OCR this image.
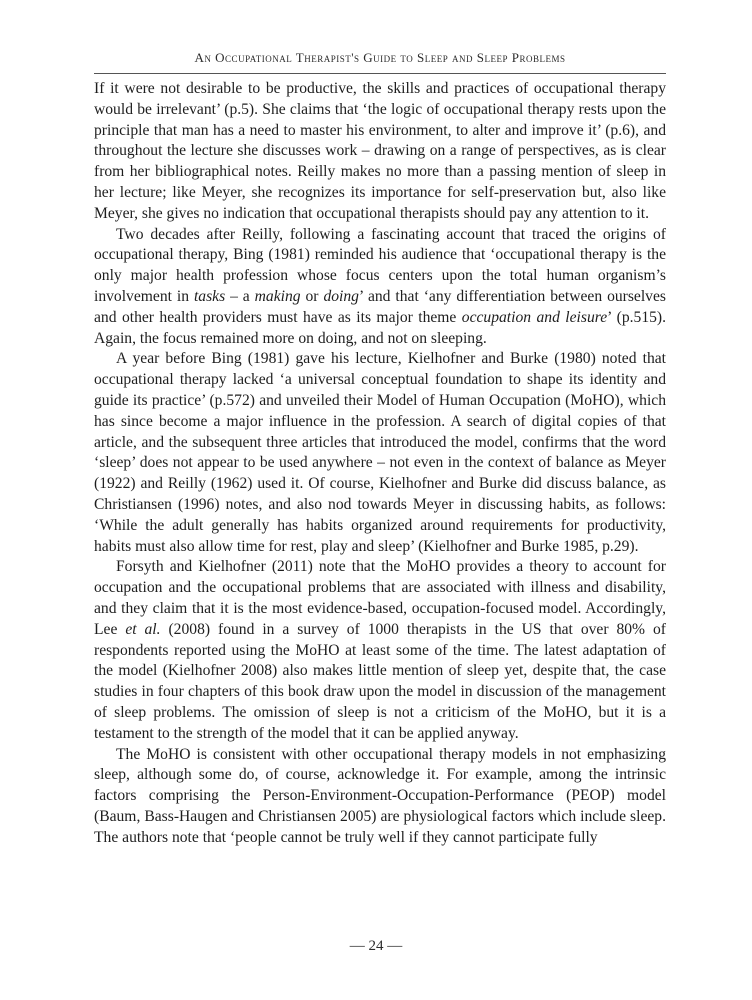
An Occupational Therapist's Guide to Sleep and Sleep Problems

If it were not desirable to be productive, the skills and practices of occupational therapy would be irrelevant’ (p.5). She claims that ‘the logic of occupational therapy rests upon the principle that man has a need to master his environment, to alter and improve it’ (p.6), and throughout the lecture she discusses work – drawing on a range of perspectives, as is clear from her bibliographical notes. Reilly makes no more than a passing mention of sleep in her lecture; like Meyer, she recognizes its importance for self-preservation but, also like Meyer, she gives no indication that occupational therapists should pay any attention to it.

Two decades after Reilly, following a fascinating account that traced the origins of occupational therapy, Bing (1981) reminded his audience that ‘occupational therapy is the only major health profession whose focus centers upon the total human organism’s involvement in tasks – a making or doing’ and that ‘any differentiation between ourselves and other health providers must have as its major theme occupation and leisure’ (p.515). Again, the focus remained more on doing, and not on sleeping.

A year before Bing (1981) gave his lecture, Kielhofner and Burke (1980) noted that occupational therapy lacked ‘a universal conceptual foundation to shape its identity and guide its practice’ (p.572) and unveiled their Model of Human Occupation (MoHO), which has since become a major influence in the profession. A search of digital copies of that article, and the subsequent three articles that introduced the model, confirms that the word ‘sleep’ does not appear to be used anywhere – not even in the context of balance as Meyer (1922) and Reilly (1962) used it. Of course, Kielhofner and Burke did discuss balance, as Christiansen (1996) notes, and also nod towards Meyer in discussing habits, as follows: ‘While the adult generally has habits organized around requirements for productivity, habits must also allow time for rest, play and sleep’ (Kielhofner and Burke 1985, p.29).

Forsyth and Kielhofner (2011) note that the MoHO provides a theory to account for occupation and the occupational problems that are associated with illness and disability, and they claim that it is the most evidence-based, occupation-focused model. Accordingly, Lee et al. (2008) found in a survey of 1000 therapists in the US that over 80% of respondents reported using the MoHO at least some of the time. The latest adaptation of the model (Kielhofner 2008) also makes little mention of sleep yet, despite that, the case studies in four chapters of this book draw upon the model in discussion of the management of sleep problems. The omission of sleep is not a criticism of the MoHO, but it is a testament to the strength of the model that it can be applied anyway.

The MoHO is consistent with other occupational therapy models in not emphasizing sleep, although some do, of course, acknowledge it. For example, among the intrinsic factors comprising the Person-Environment-Occupation-Performance (PEOP) model (Baum, Bass-Haugen and Christiansen 2005) are physiological factors which include sleep. The authors note that ‘people cannot be truly well if they cannot participate fully

— 24 —
